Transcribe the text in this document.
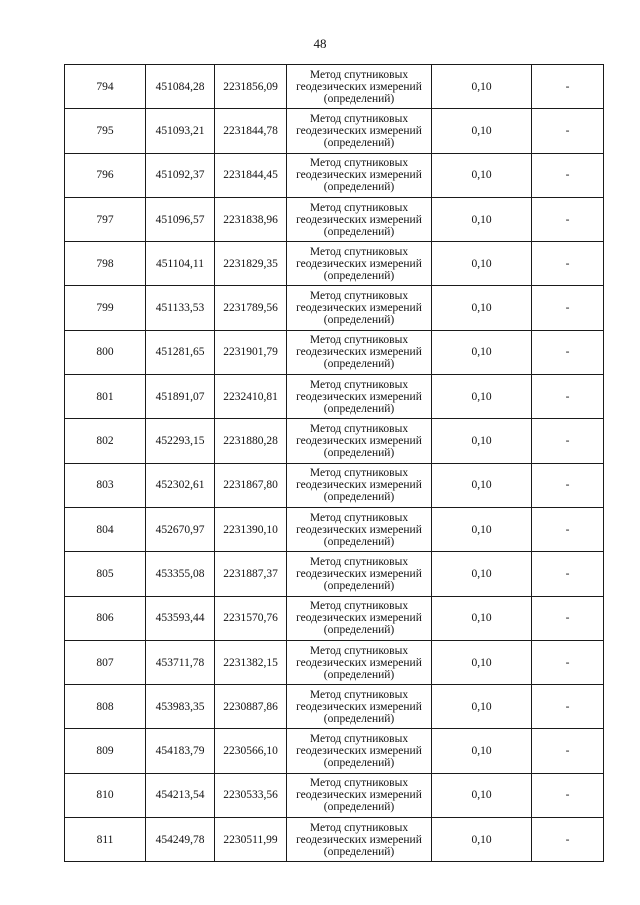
48
794	451084,28	2231856,09	Метод спутниковых геодезических измерений (определений)	0,10	-
795	451093,21	2231844,78	Метод спутниковых геодезических измерений (определений)	0,10	-
796	451092,37	2231844,45	Метод спутниковых геодезических измерений (определений)	0,10	-
797	451096,57	2231838,96	Метод спутниковых геодезических измерений (определений)	0,10	-
798	451104,11	2231829,35	Метод спутниковых геодезических измерений (определений)	0,10	-
799	451133,53	2231789,56	Метод спутниковых геодезических измерений (определений)	0,10	-
800	451281,65	2231901,79	Метод спутниковых геодезических измерений (определений)	0,10	-
801	451891,07	2232410,81	Метод спутниковых геодезических измерений (определений)	0,10	-
802	452293,15	2231880,28	Метод спутниковых геодезических измерений (определений)	0,10	-
803	452302,61	2231867,80	Метод спутниковых геодезических измерений (определений)	0,10	-
804	452670,97	2231390,10	Метод спутниковых геодезических измерений (определений)	0,10	-
805	453355,08	2231887,37	Метод спутниковых геодезических измерений (определений)	0,10	-
806	453593,44	2231570,76	Метод спутниковых геодезических измерений (определений)	0,10	-
807	453711,78	2231382,15	Метод спутниковых геодезических измерений (определений)	0,10	-
808	453983,35	2230887,86	Метод спутниковых геодезических измерений (определений)	0,10	-
809	454183,79	2230566,10	Метод спутниковых геодезических измерений (определений)	0,10	-
810	454213,54	2230533,56	Метод спутниковых геодезических измерений (определений)	0,10	-
811	454249,78	2230511,99	Метод спутниковых геодезических измерений (определений)	0,10	-
